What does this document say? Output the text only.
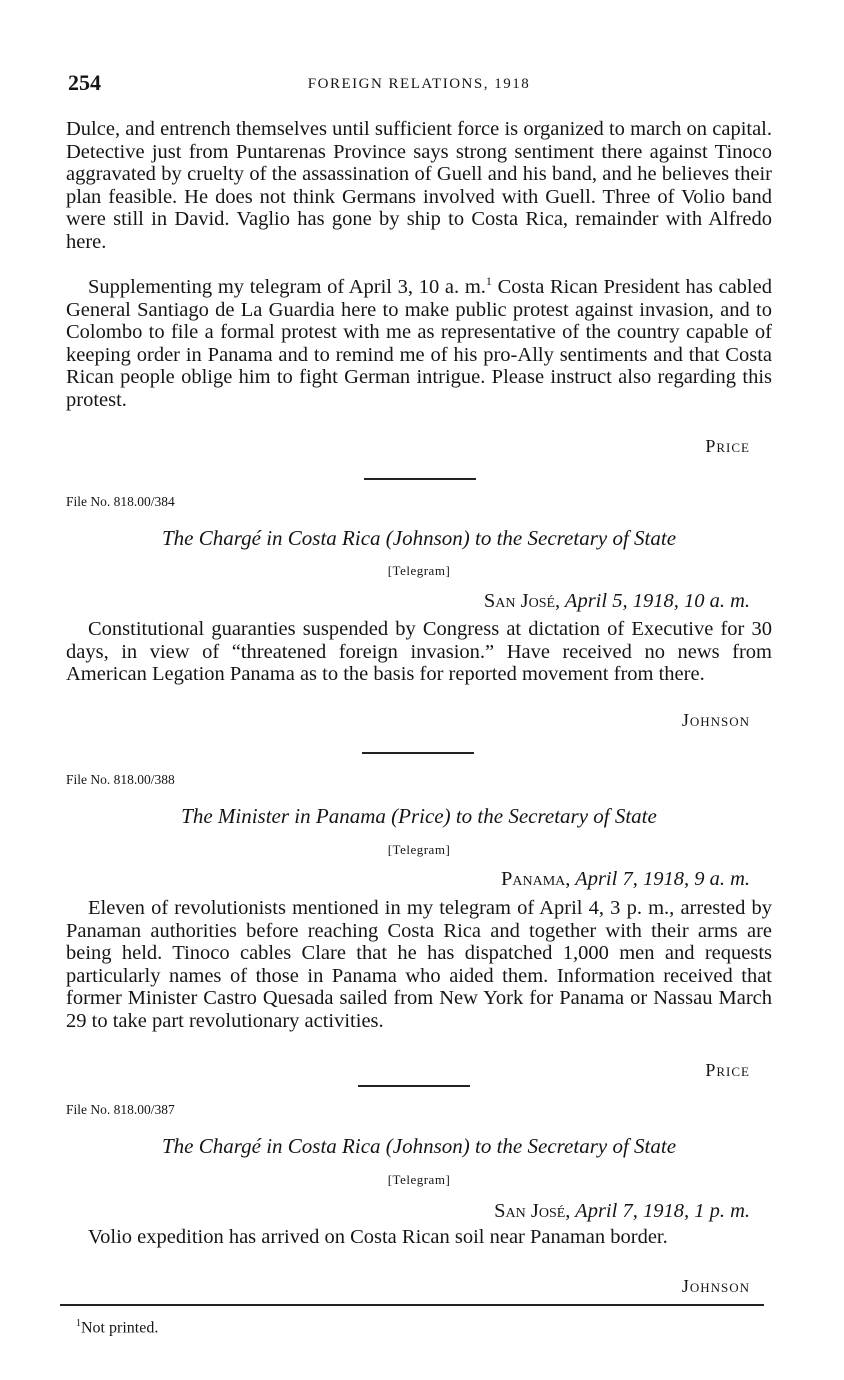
254	FOREIGN RELATIONS, 1918

Dulce, and entrench themselves until sufficient force is organized to march on capital. Detective just from Puntarenas Province says strong sentiment there against Tinoco aggravated by cruelty of the assassination of Guell and his band, and he believes their plan feasible. He does not think Germans involved with Guell. Three of Volio band were still in David. Vaglio has gone by ship to Costa Rica, remainder with Alfredo here.

Supplementing my telegram of April 3, 10 a. m.$^1$ Costa Rican President has cabled General Santiago de La Guardia here to make public protest against invasion, and to Colombo to file a formal protest with me as representative of the country capable of keeping order in Panama and to remind me of his pro-Ally sentiments and that Costa Rican people oblige him to fight German intrigue. Please instruct also regarding this protest.

Price
File No. 818.00/384
The Chargé in Costa Rica (Johnson) to the Secretary of State
[Telegram]
San José, April 5, 1918, 10 a. m.

Constitutional guaranties suspended by Congress at dictation of Executive for 30 days, in view of “threatened foreign invasion.” Have received no news from American Legation Panama as to the basis for reported movement from there.

Johnson
File No. 818.00/388
The Minister in Panama (Price) to the Secretary of State
[Telegram]
Panama, April 7, 1918, 9 a. m.

Eleven of revolutionists mentioned in my telegram of April 4, 3 p. m., arrested by Panaman authorities before reaching Costa Rica and together with their arms are being held. Tinoco cables Clare that he has dispatched 1,000 men and requests particularly names of those in Panama who aided them. Information received that former Minister Castro Quesada sailed from New York for Panama or Nassau March 29 to take part revolutionary activities.

Price
File No. 818.00/387
The Chargé in Costa Rica (Johnson) to the Secretary of State
[Telegram]
San José, April 7, 1918, 1 p. m.

Volio expedition has arrived on Costa Rican soil near Panaman border.

Johnson
$^1$Not printed.
